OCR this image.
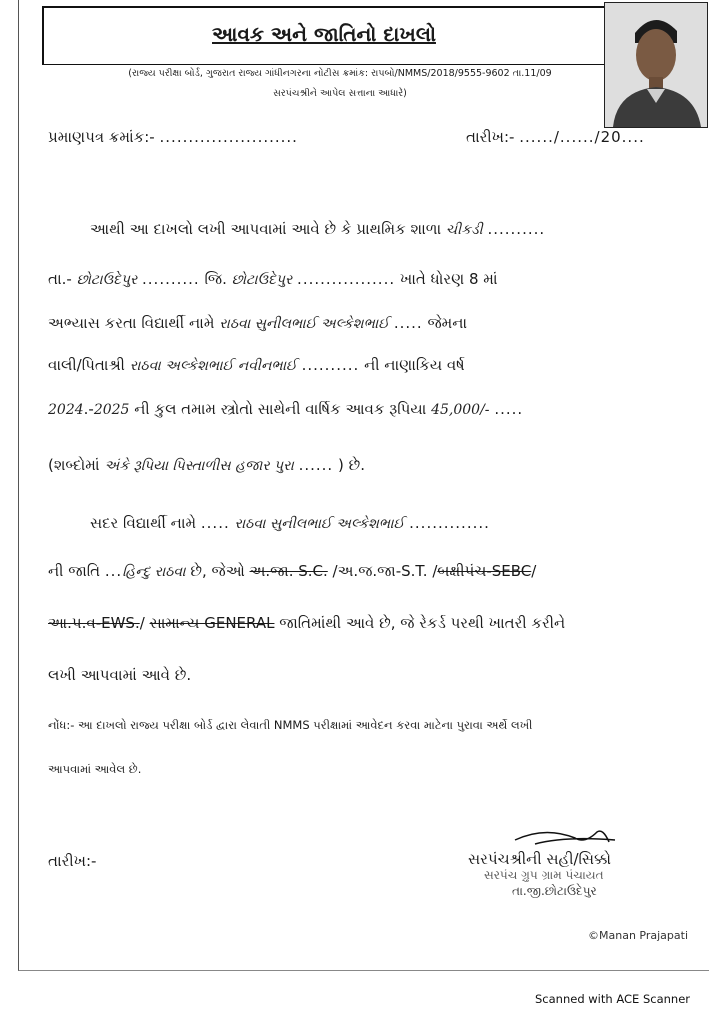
આવક અને જાતિનો દાખલો
(રાજ્ય પરીક્ષા બોર્ડ, ગુજરાત રાજ્ય ગાંધીનગરના નોટીસ ક્રમાંક: રાપબો/NMMS/2018/9555-9602 તા.11/09
સરપંચશ્રીને આપેલ સત્તાના આધારે)
પ્રમાણપત્ર ક્રમાંક:- ........................	તારીખ:- ....../....../20....
આથી આ દાખલો લખી આપવામાં આવે છે કે પ્રાથમિક શાળા ચીકડી ..........
તા.- છોટાઉદેપુર .......... જિ. છોટાઉદેપુર ................. ખાતે ધોરણ 8 માં
અભ્યાસ કરતા વિદ્યાર્થી નામે રાઠવા સુનીલભાઈ અલ્કેશભાઈ ..... જેમના
વાલી/પિતાશ્રી રાઠવા અલ્કેશભાઈ નવીનભાઈ .......... ની નાણાકિય વર્ષ
2024.-2025 ની કુલ તમામ સ્ત્રોતો સાથેની વાર્ષિક આવક રૂપિયા 45,000/- .....
(શબ્દોમાં અંકે રૂપિયા પિસ્તાળીસ હજાર પુરા ...... ) છે.
સદર વિદ્યાર્થી નામે ..... રાઠવા સુનીલભાઈ અલ્કેશભાઈ ..............
ની જાતિ ...હિન્દુ રાઠવા છે, જેઓ અ.જા. S.C. /અ.જ.જા-S.T. /બક્ષીપંચ-SEBC/
આ.પ.વ-EWS./ સામાન્ય GENERAL જાતિમાંથી આવે છે, જે રેકર્ડ પરથી ખાતરી કરીને
લખી આપવામાં આવે છે.
નોંધ:- આ દાખલો રાજ્ય પરીક્ષા બોર્ડ દ્વારા લેવાતી NMMS પરીક્ષામાં આવેદન કરવા માટેના પુરાવા અર્થે લખી
આપવામાં આવેલ છે.
તારીખ:-	સરપંચશ્રીની સહી/સિક્કો
સરપંચ ગ્રુપ ગ્રામ પંચાયત
તા.જી.છોટાઉદેપુર
©Manan Prajapati
Scanned with ACE Scanner
